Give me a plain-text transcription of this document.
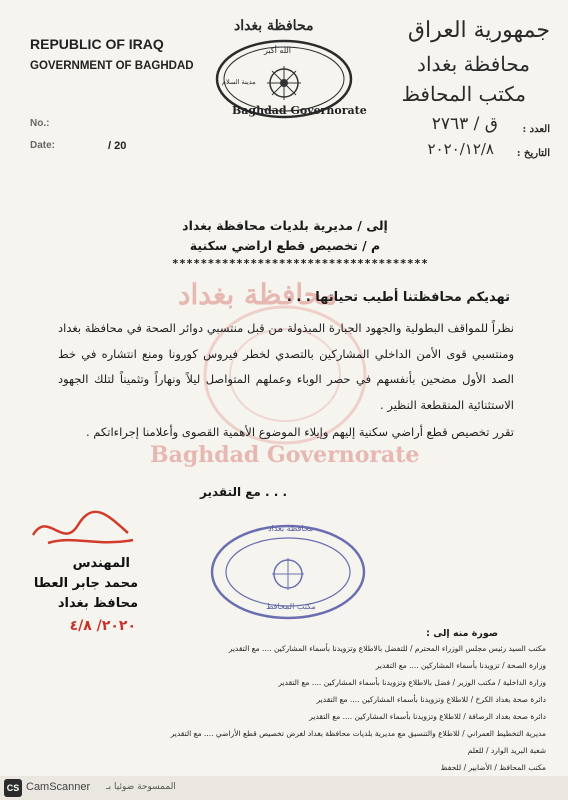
محافظة بغداد
Baghdad Governorate
REPUBLIC OF IRAQ
GOVERNMENT OF BAGHDAD
No.:
Date:	/ 20
محافظة بغداد
الله أكبر
مدينة السلام
Baghdad Governorate
جمهورية العراق
محافظة بغداد
مكتب المحافظ
العدد :
ق / ٢٧٦٣
التاريخ :
٢٠٢٠/١٢/٨
إلى / مديرية بلديات محافظة بغداد
م / تخصيص قطع اراضي سكنية
************************************
تهديكم محافظتنا أطيب تحياتها . . .
نظراً للمواقف البطولية والجهود الجبارة المبذولة من قبل منتسبي دوائر الصحة في محافظة بغداد ومنتسبي قوى الأمن الداخلي المشاركين بالتصدي لخطر فيروس كورونا ومنع انتشاره في خط الصد الأول مضحين بأنفسهم في حصر الوباء وعملهم المتواصل ليلاً ونهاراً وتثميناً لتلك الجهود الاستثنائية المنقطعة النظير .
تقرر تخصيص قطع أراضي سكنية إليهم وإيلاء الموضوع الأهمية القصوى وأعلامنا إجراءاتكم .
. . . مع التقدير
المهندس
محمد جابر العطا
محافظ بغداد
٢٠٢٠/ ٤/٨
محافظة بغداد
مكتب المحافظ
صورة منه إلى :
مكتب السيد رئيس مجلس الوزراء المحترم / للتفضل بالاطلاع وتزويدنا بأسماء المشاركين .... مع التقدير
وزارة الصحة / تزويدنا بأسماء المشاركين .... مع التقدير
وزارة الداخلية / مكتب الوزير / فضل بالاطلاع وتزويدنا بأسماء المشاركين .... مع التقدير
دائرة صحة بغداد الكرخ / للاطلاع وتزويدنا بأسماء المشاركين .... مع التقدير
دائرة صحة بغداد الرصافة / للاطلاع وتزويدنا بأسماء المشاركين .... مع التقدير
مديرية التخطيط العمراني / للاطلاع والتنسيق مع مديرية بلديات محافظة بغداد لغرض تخصيص قطع الأراضي .... مع التقدير
شعبة البريد الوارد / للعلم
مكتب المحافظ / الأضابير / للحفظ
CS CamScanner الممسوحة ضوئيا بـ
